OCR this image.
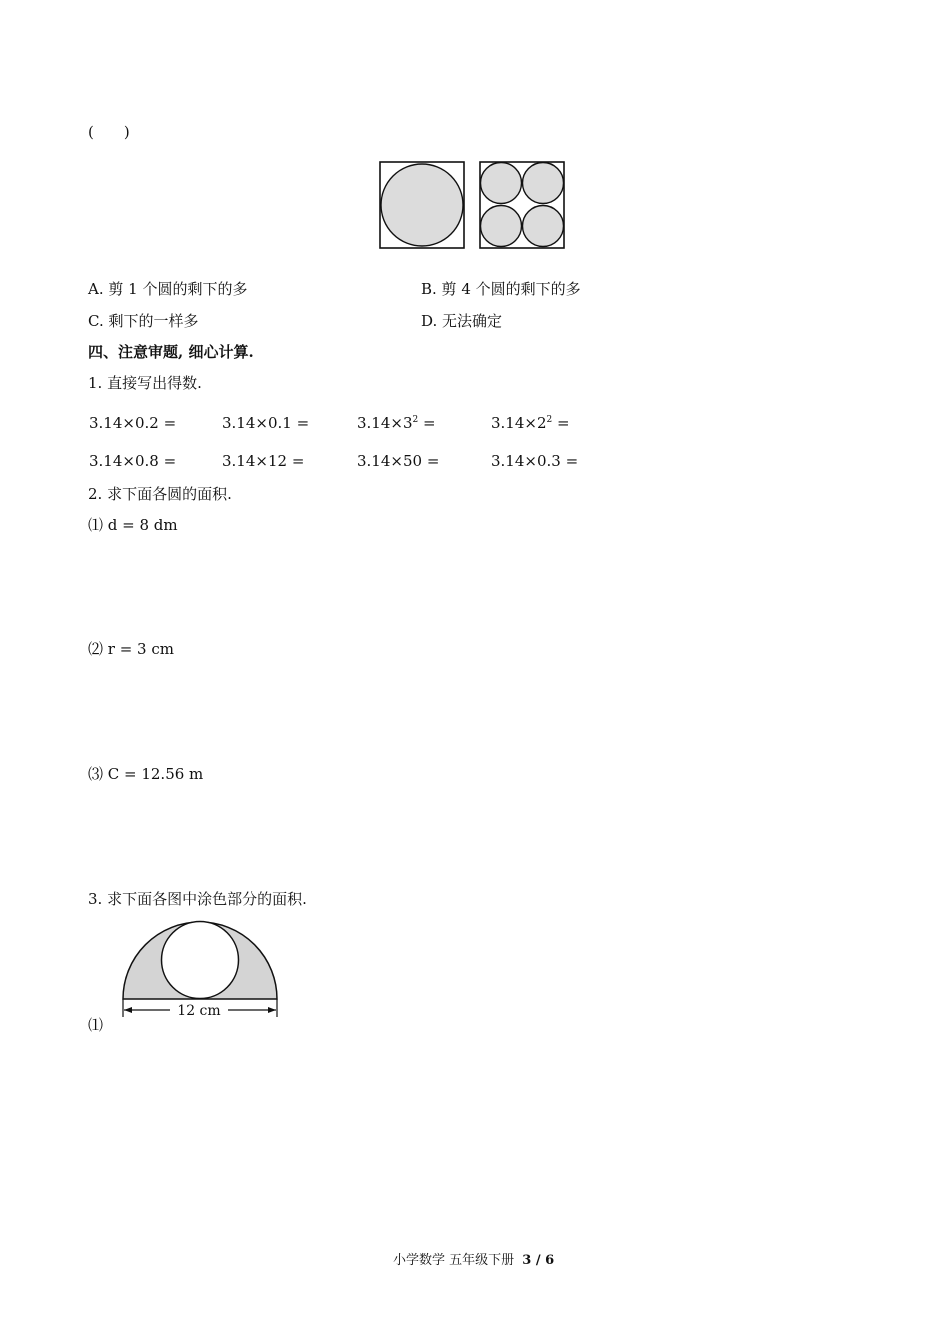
(　　)
A. 剪 1 个圆的剩下的多	B. 剪 4 个圆的剩下的多
C. 剩下的一样多	D. 无法确定
四、注意审题, 细心计算.
1. 直接写出得数.
3.14×0.2 =	3.14×0.1 =	$3.14\times 3^2$ =	$3.14\times 2^2$ =
3.14×0.8 =	3.14×12 =	3.14×50 =	3.14×0.3 =
2. 求下面各圆的面积.
⑴ d = 8 dm
⑵ r = 3 cm
⑶ C = 12.56 m
3. 求下面各图中涂色部分的面积.
⑴
12 cm
小学数学 五年级下册 3 / 6
